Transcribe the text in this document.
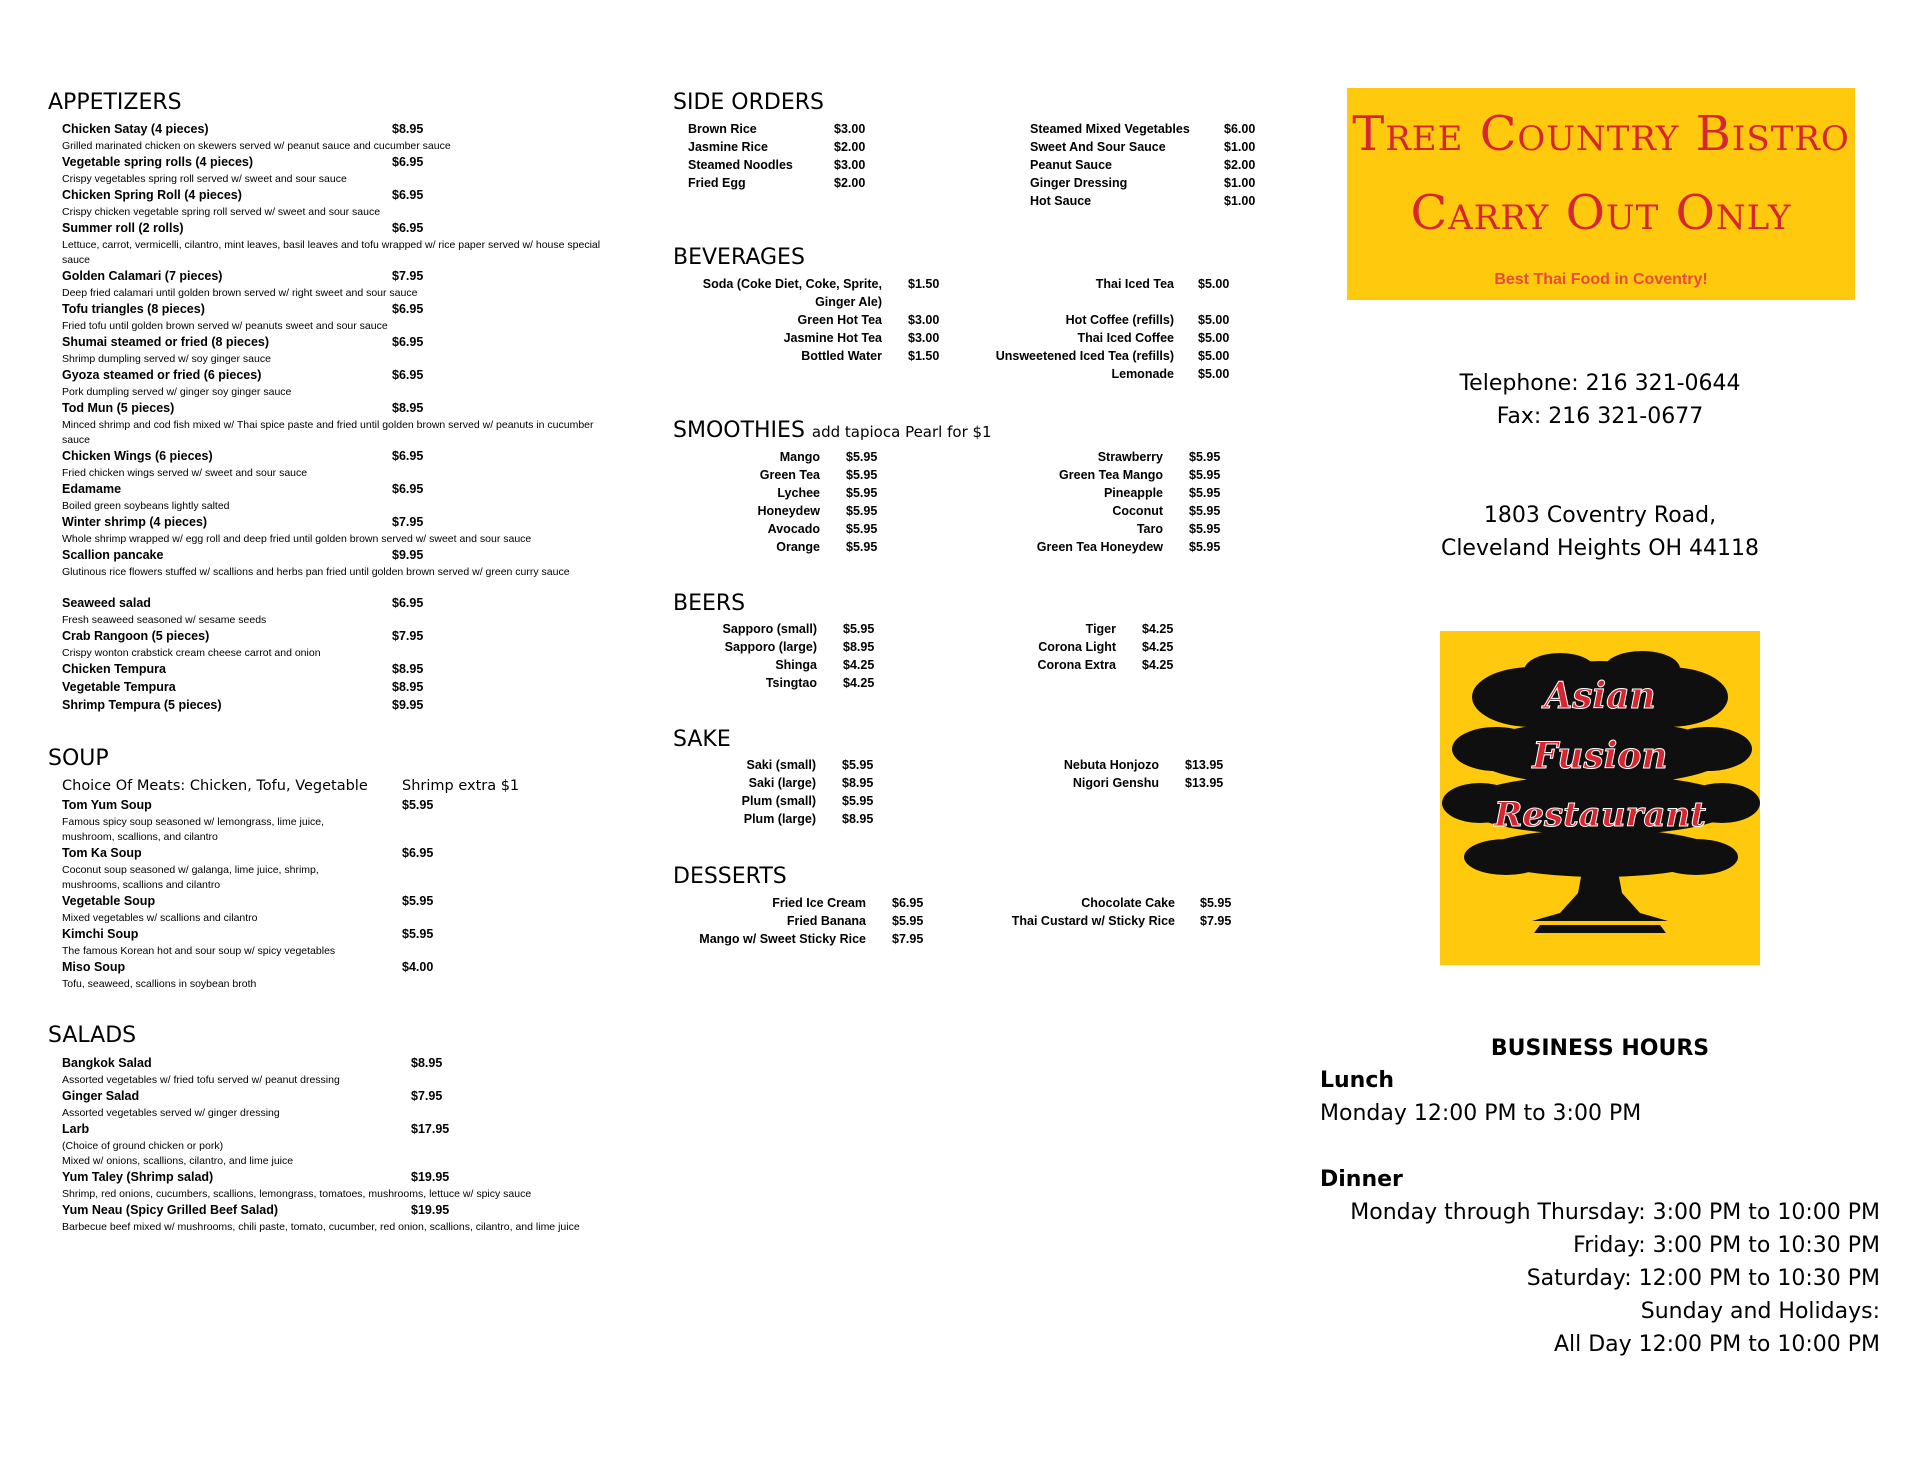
APPETIZERS
Chicken Satay (4 pieces)	$8.95
Grilled marinated chicken on skewers served w/ peanut sauce and cucumber sauce
Vegetable spring rolls (4 pieces)	$6.95
Crispy vegetables spring roll served w/ sweet and sour sauce
Chicken Spring Roll (4 pieces)	$6.95
Crispy chicken vegetable spring roll served w/ sweet and sour sauce
Summer roll (2 rolls)	$6.95
Lettuce, carrot, vermicelli, cilantro, mint leaves, basil leaves and tofu wrapped w/ rice paper served w/ house special sauce
Golden Calamari (7 pieces)	$7.95
Deep fried calamari until golden brown served w/ right sweet and sour sauce
Tofu triangles (8 pieces)	$6.95
Fried tofu until golden brown served w/ peanuts sweet and sour sauce
Shumai steamed or fried (8 pieces)	$6.95
Shrimp dumpling served w/ soy ginger sauce
Gyoza steamed or fried (6 pieces)	$6.95
Pork dumpling served w/ ginger soy ginger sauce
Tod Mun (5 pieces)	$8.95
Minced shrimp and cod fish mixed w/ Thai spice paste and fried until golden brown served w/ peanuts in cucumber sauce
Chicken Wings (6 pieces)	$6.95
Fried chicken wings served w/ sweet and sour sauce
Edamame	$6.95
Boiled green soybeans lightly salted
Winter shrimp (4 pieces)	$7.95
Whole shrimp wrapped w/ egg roll and deep fried until golden brown served w/ sweet and sour sauce
Scallion pancake	$9.95
Glutinous rice flowers stuffed w/ scallions and herbs pan fried until golden brown served w/ green curry sauce
Seaweed salad	$6.95
Fresh seaweed seasoned w/ sesame seeds
Crab Rangoon (5 pieces)	$7.95
Crispy wonton crabstick cream cheese carrot and onion
Chicken Tempura	$8.95
Vegetable Tempura	$8.95
Shrimp Tempura (5 pieces)	$9.95
SOUP
Choice Of Meats: Chicken, Tofu, Vegetable Shrimp extra $1
Tom Yum Soup	$5.95
Famous spicy soup seasoned w/ lemongrass, lime juice, mushroom, scallions, and cilantro
Tom Ka Soup	$6.95
Coconut soup seasoned w/ galanga, lime juice, shrimp, mushrooms, scallions and cilantro
Vegetable Soup	$5.95
Mixed vegetables w/ scallions and cilantro
Kimchi Soup	$5.95
The famous Korean hot and sour soup w/ spicy vegetables
Miso Soup	$4.00
Tofu, seaweed, scallions in soybean broth
SALADS
Bangkok Salad	$8.95
Assorted vegetables w/ fried tofu served w/ peanut dressing
Ginger Salad	$7.95
Assorted vegetables served w/ ginger dressing
Larb	$17.95
(Choice of ground chicken or pork)
Mixed w/ onions, scallions, cilantro, and lime juice
Yum Taley (Shrimp salad)	$19.95
Shrimp, red onions, cucumbers, scallions, lemongrass, tomatoes, mushrooms, lettuce w/ spicy sauce
Yum Neau (Spicy Grilled Beef Salad)	$19.95
Barbecue beef mixed w/ mushrooms, chili paste, tomato, cucumber, red onion, scallions, cilantro, and lime juice
SIDE ORDERS
Brown Rice	$3.00
Jasmine Rice	$2.00
Steamed Noodles	$3.00
Fried Egg	$2.00
Steamed Mixed Vegetables	$6.00
Sweet And Sour Sauce	$1.00
Peanut Sauce	$2.00
Ginger Dressing	$1.00
Hot Sauce	$1.00
BEVERAGES
Soda (Coke Diet, Coke, Sprite,
Ginger Ale)
$1.50
Green Hot Tea $3.00
Jasmine Hot Tea $3.00
Bottled Water $1.50
Thai Iced Tea $5.00
Hot Coffee (refills) $5.00
Thai Iced Coffee $5.00
Unsweetened Iced Tea (refills) $5.00
Lemonade $5.00
SMOOTHIES add tapioca Pearl for $1
Mango $5.95
Green Tea $5.95
Lychee $5.95
Honeydew $5.95
Avocado $5.95
Orange $5.95
Strawberry $5.95
Green Tea Mango $5.95
Pineapple $5.95
Coconut $5.95
Taro $5.95
Green Tea Honeydew $5.95
BEERS
Sapporo (small) $5.95
Sapporo (large) $8.95
Shinga $4.25
Tsingtao $4.25
Tiger $4.25
Corona Light $4.25
Corona Extra $4.25
SAKE
Saki (small) $5.95
Saki (large) $8.95
Plum (small) $5.95
Plum (large) $8.95
Nebuta Honjozo $13.95
Nigori Genshu $13.95
DESSERTS
Fried Ice Cream $6.95
Fried Banana $5.95
Mango w/ Sweet Sticky Rice $7.95
Chocolate Cake $5.95
Thai Custard w/ Sticky Rice $7.95
Tree Country Bistro
Carry Out Only
Best Thai Food in Coventry!
Telephone: 216 321-0644
Fax: 216 321-0677
1803 Coventry Road,
Cleveland Heights OH 44118
Asian
Fusion
Restaurant
BUSINESS HOURS
Lunch
Monday 12:00 PM to 3:00 PM
Dinner
Monday through Thursday: 3:00 PM to 10:00 PM
Friday: 3:00 PM to 10:30 PM
Saturday: 12:00 PM to 10:30 PM
Sunday and Holidays:
All Day 12:00 PM to 10:00 PM
